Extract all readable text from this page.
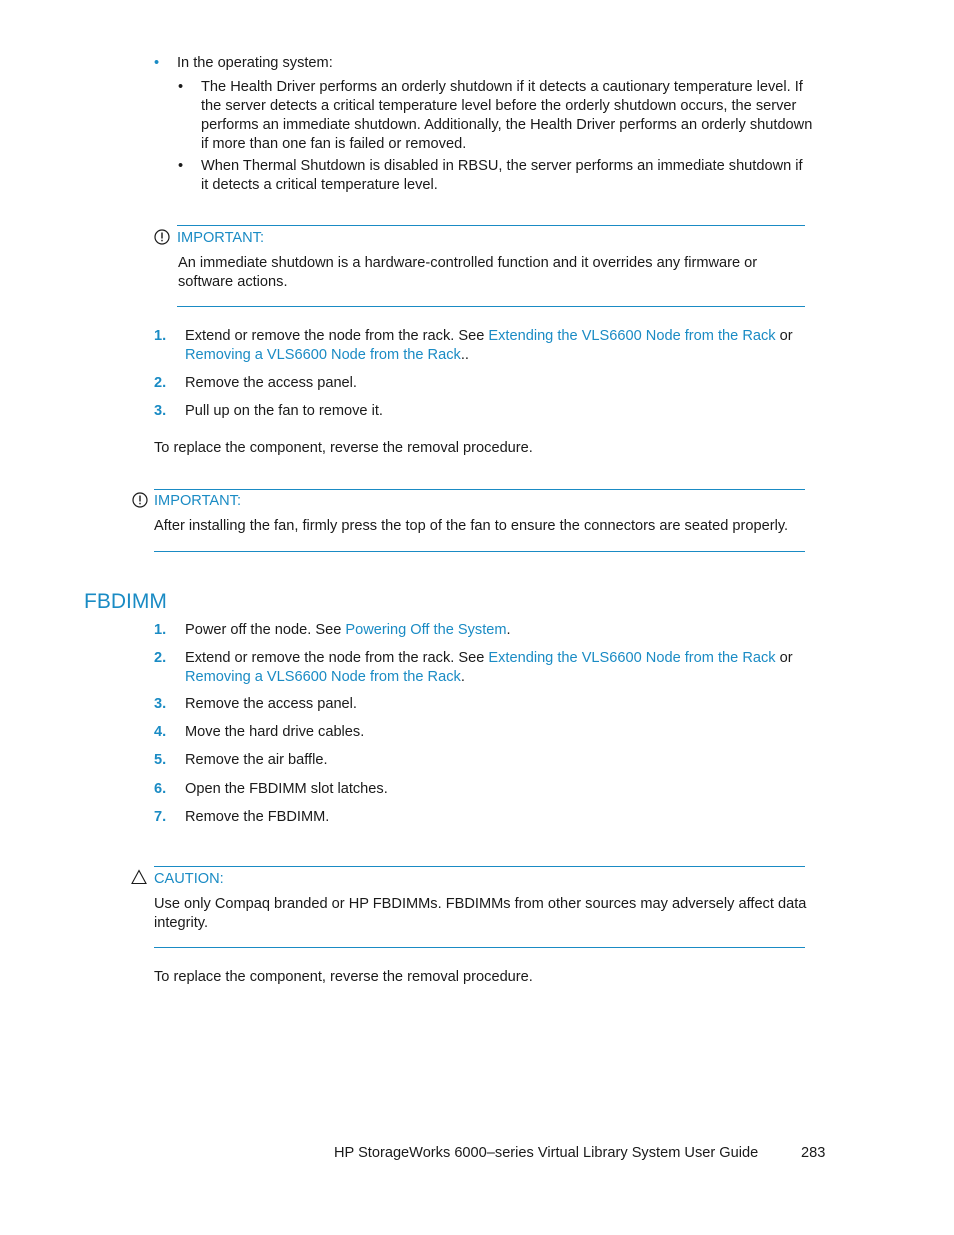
• In the operating system:
• The Health Driver performs an orderly shutdown if it detects a cautionary temperature level. If
the server detects a critical temperature level before the orderly shutdown occurs, the server
performs an immediate shutdown. Additionally, the Health Driver performs an orderly shutdown
if more than one fan is failed or removed.
• When Thermal Shutdown is disabled in RBSU, the server performs an immediate shutdown if
it detects a critical temperature level.
IMPORTANT:
An immediate shutdown is a hardware-controlled function and it overrides any firmware or
software actions.
1. Extend or remove the node from the rack. See Extending the VLS6600 Node from the Rack or
Removing a VLS6600 Node from the Rack..
2. Remove the access panel.
3. Pull up on the fan to remove it.
To replace the component, reverse the removal procedure.
IMPORTANT:
After installing the fan, firmly press the top of the fan to ensure the connectors are seated properly.
FBDIMM
1. Power off the node. See Powering Off the System.
2. Extend or remove the node from the rack. See Extending the VLS6600 Node from the Rack or
Removing a VLS6600 Node from the Rack.
3. Remove the access panel.
4. Move the hard drive cables.
5. Remove the air baffle.
6. Open the FBDIMM slot latches.
7. Remove the FBDIMM.
CAUTION:
Use only Compaq branded or HP FBDIMMs. FBDIMMs from other sources may adversely affect data
integrity.
To replace the component, reverse the removal procedure.
HP StorageWorks 6000–series Virtual Library System User Guide	283
